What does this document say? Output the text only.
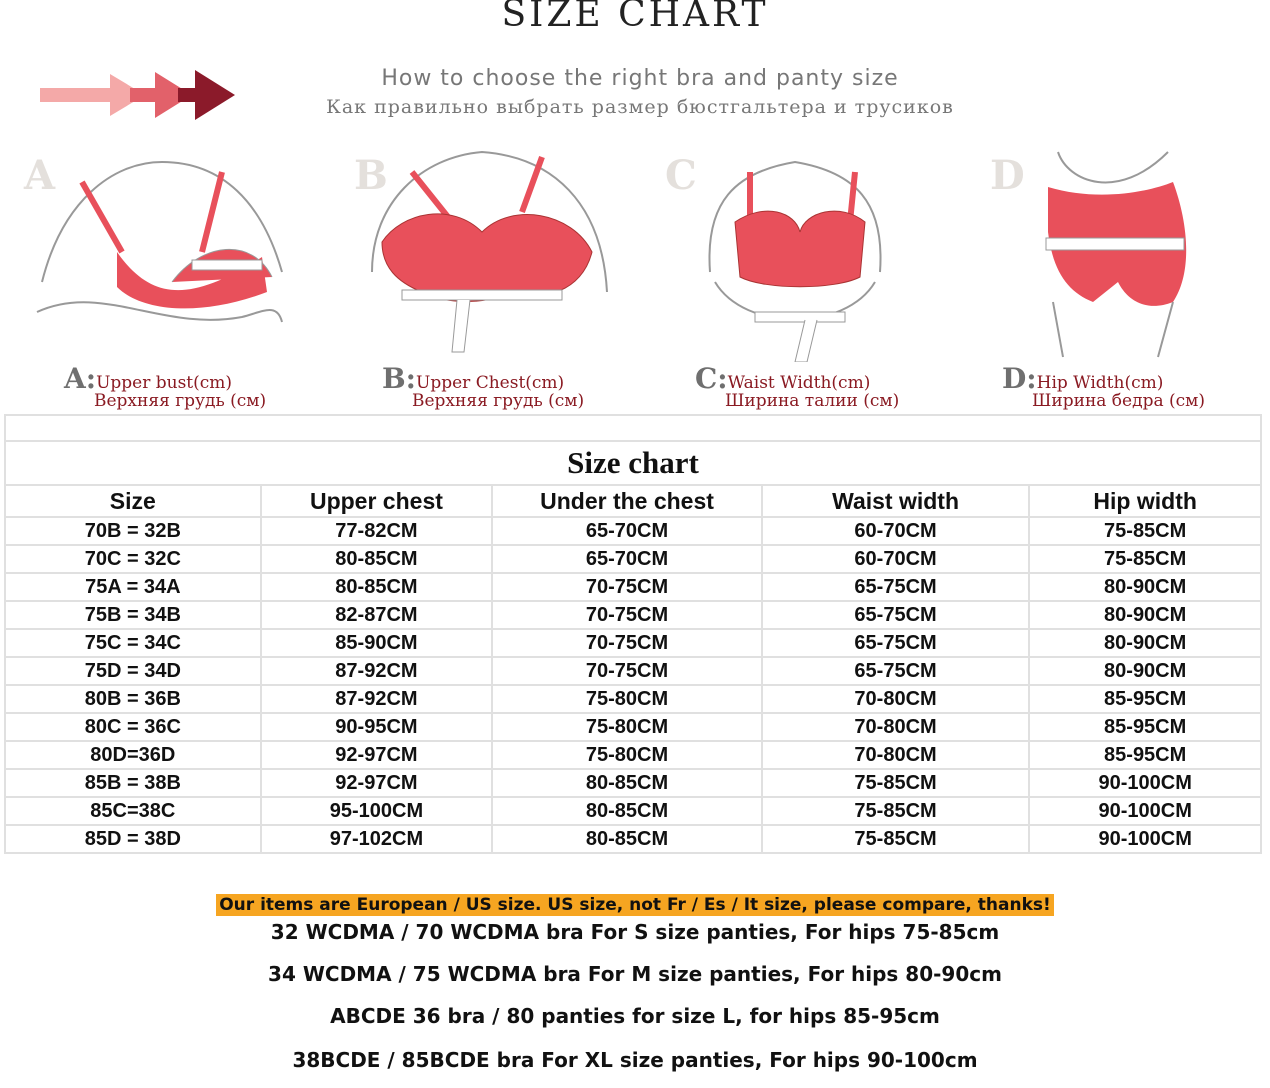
SIZE CHART
How to choose the right bra and panty size
Как правильно выбрать размер бюстгальтера и трусиков
A
A:Upper bust(cm)
Верхняя грудь (см)
B
B:Upper Chest(cm)
Верхняя грудь (см)
C
C:Waist Width(cm)
Ширина талии (см)
D
D:Hip Width(cm)
Ширина бедра (см)

Size chart				
Size	Upper chest	Under the chest	Waist width	Hip width
70B = 32B	77-82CM	65-70CM	60-70CM	75-85CM
70C = 32C	80-85CM	65-70CM	60-70CM	75-85CM
75A = 34A	80-85CM	70-75CM	65-75CM	80-90CM
75B = 34B	82-87CM	70-75CM	65-75CM	80-90CM
75C = 34C	85-90CM	70-75CM	65-75CM	80-90CM
75D = 34D	87-92CM	70-75CM	65-75CM	80-90CM
80B = 36B	87-92CM	75-80CM	70-80CM	85-95CM
80C = 36C	90-95CM	75-80CM	70-80CM	85-95CM
80D=36D	92-97CM	75-80CM	70-80CM	85-95CM
85B = 38B	92-97CM	80-85CM	75-85CM	90-100CM
85C=38C	95-100CM	80-85CM	75-85CM	90-100CM
85D = 38D	97-102CM	80-85CM	75-85CM	90-100CM
Our items are European / US size. US size, not Fr / Es / It size, please compare, thanks!
32 WCDMA / 70 WCDMA bra For S size panties, For hips 75-85cm
34 WCDMA / 75 WCDMA bra For M size panties, For hips 80-90cm
ABCDE 36 bra / 80 panties for size L, for hips 85-95cm
38BCDE / 85BCDE bra For XL size panties, For hips 90-100cm
